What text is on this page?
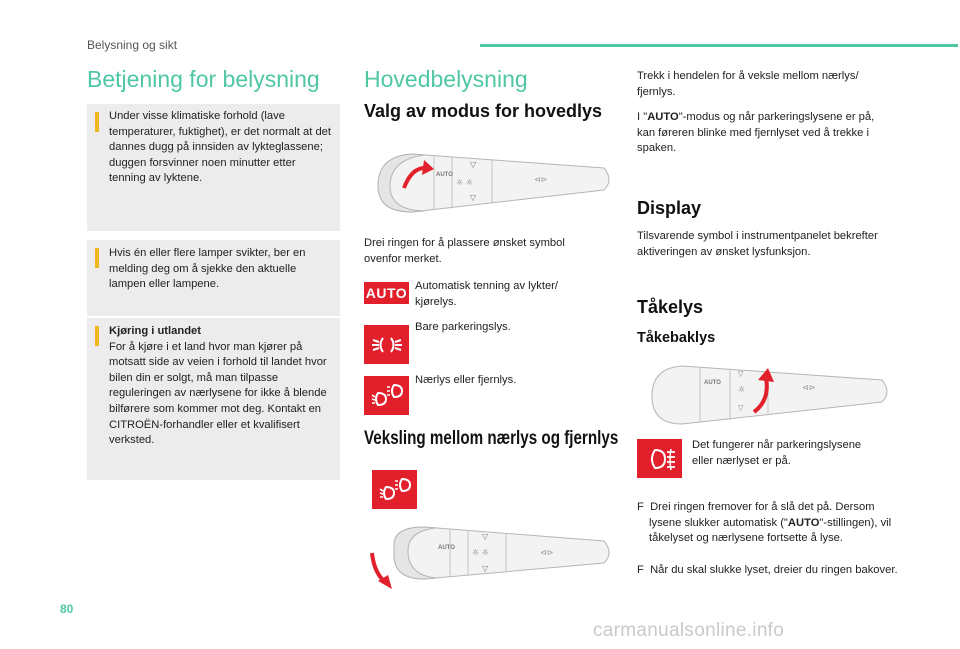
Belysning og sikt
Betjening for belysning

Under visse klimatiske forhold (lave temperaturer, fuktighet), er det normalt at det dannes dugg på innsiden av lykteglassene; duggen forsvinner noen minutter etter tenning av lyktene.

Hvis én eller flere lamper svikter, ber en melding deg om å sjekke den aktuelle lampen eller lampene.

Kjøring i utlandet
For å kjøre i et land hvor man kjører på motsatt side av veien i forhold til landet hvor bilen din er solgt, må man tilpasse reguleringen av nærlysene for ikke å blende bilførere som kommer mot deg. Kontakt en CITROËN-forhandler eller et kvalifisert verksted.

Hovedbelysning
Valg av modus for hovedlys
AUTO
☼ ☼
▽
▽
⊲⊳

Drei ringen for å plassere ønsket symbol ovenfor merket.

AUTO Automatisk tenning av lykter/ kjørelys.

Bare parkeringslys.

Nærlys eller fjernlys.

Veksling mellom nærlys og fjernlys
AUTO ☼ ☼
▽
▽
⊲⊳

Trekk i hendelen for å veksle mellom nærlys/ fjernlys.

I "AUTO"-modus og når parkeringslysene er på, kan føreren blinke med fjernlyset ved å trekke i spaken.

Display

Tilsvarende symbol i instrumentpanelet bekrefter aktiveringen av ønsket lysfunksjon.

Tåkelys
Tåkebaklys
AUTO
☼
▽
▽
⊲⊳

Det fungerer når parkeringslysene eller nærlyset er på.

F Drei ringen fremover for å slå det på. Dersom lysene slukker automatisk ("AUTO"-stillingen), vil tåkelyset og nærlysene fortsette å lyse.

F Når du skal slukke lyset, dreier du ringen bakover.

80
carmanualsonline.info
